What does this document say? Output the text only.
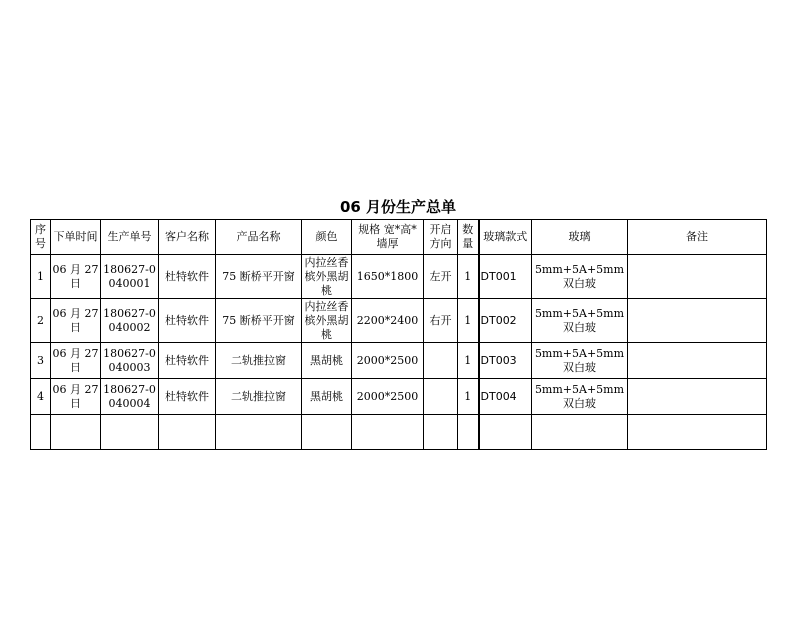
06 月份生产总单
序号	下单时间	生产单号	客户名称	产品名称	颜色	规格 宽*高*墙厚	开启方向	数量	玻璃款式	玻璃	备注
1	06 月 27 日	180627-0040001	杜特软件	75 断桥平开窗	内拉丝香 槟外黑胡 桃	1650*1800	左开	1	DT001	5mm+5A+5mm 双白玻	
2	06 月 27 日	180627-0040002	杜特软件	75 断桥平开窗	内拉丝香 槟外黑胡 桃	2200*2400	右开	1	DT002	5mm+5A+5mm 双白玻	
3	06 月 27 日	180627-0040003	杜特软件	二轨推拉窗	黑胡桃	2000*2500		1	DT003	5mm+5A+5mm 双白玻	
4	06 月 27 日	180627-0040004	杜特软件	二轨推拉窗	黑胡桃	2000*2500		1	DT004	5mm+5A+5mm 双白玻	
